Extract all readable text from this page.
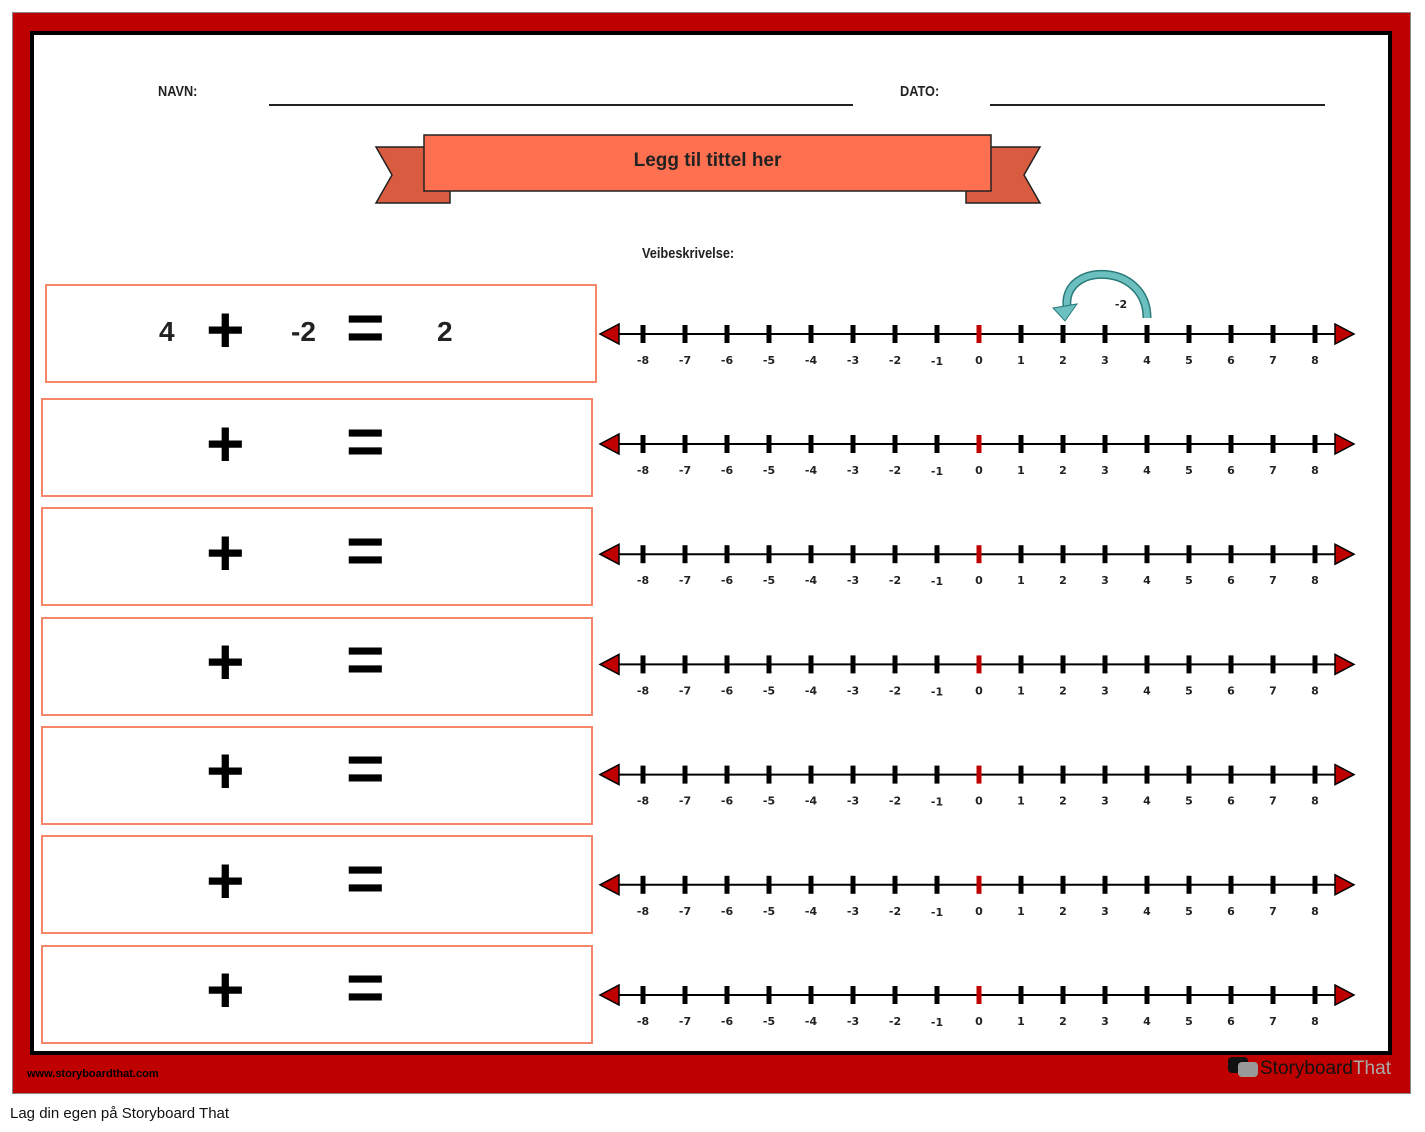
NAVN:	DATO:
Legg til tittel her
Veibeskrivelse:
+ =
4	-2	2
+ =
+ =
+ =
+ =
+ =
+ =
-8	-7	-6	-5	-4	-3	-2	-1	0	1	2	3	4	5	6	7	8
-2
-8	-7	-6	-5	-4	-3	-2	-1	0	1	2	3	4	5	6	7	8
-8	-7	-6	-5	-4	-3	-2	-1	0	1	2	3	4	5	6	7	8
-8	-7	-6	-5	-4	-3	-2	-1	0	1	2	3	4	5	6	7	8
-8	-7	-6	-5	-4	-3	-2	-1	0	1	2	3	4	5	6	7	8
-8	-7	-6	-5	-4	-3	-2	-1	0	1	2	3	4	5	6	7	8
-8	-7	-6	-5	-4	-3	-2	-1	0	1	2	3	4	5	6	7	8
www.storyboardthat.com	Storyboard That
Lag din egen på Storyboard That
